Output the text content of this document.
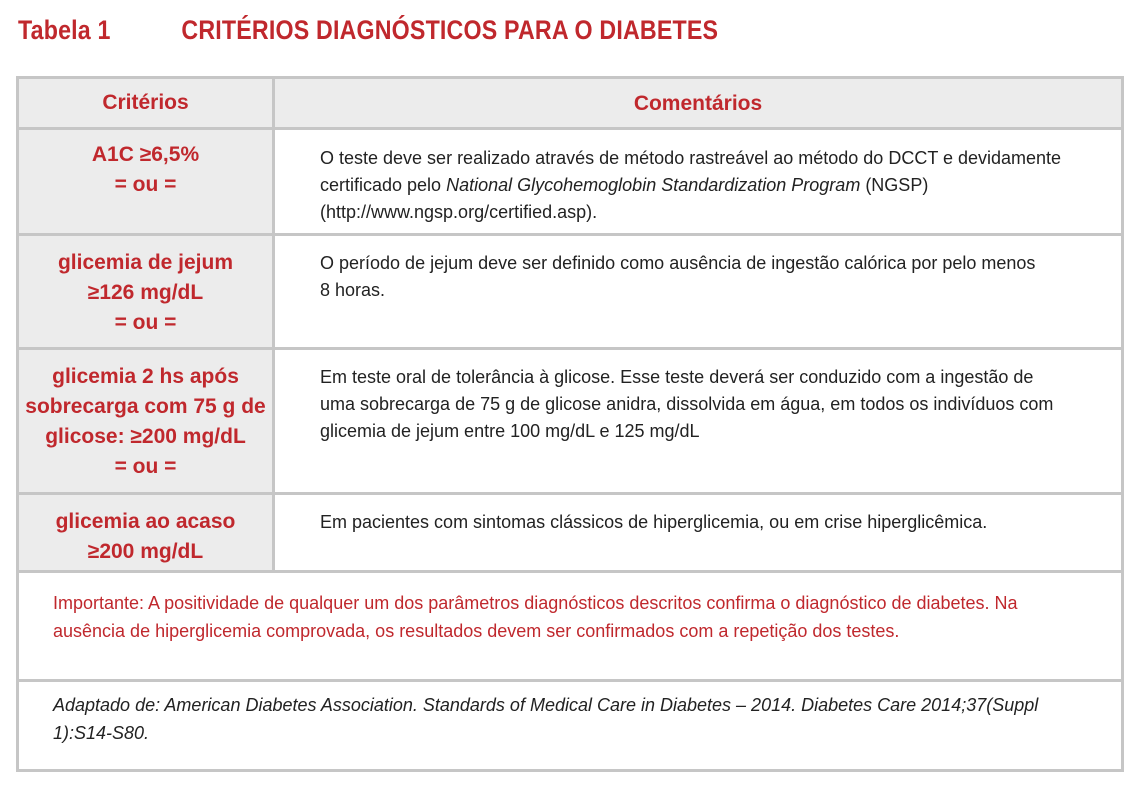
Tabela 1	CRITÉRIOS DIAGNÓSTICOS PARA O DIABETES
Critérios	Comentários
A1C ≥6,5%
= ou =

O teste deve ser realizado através de método rastreável ao método do DCCT e devidamente certificado pelo National Glycohemoglobin Standardization Program (NGSP) (http://www.ngsp.org/certified.asp).

glicemia de jejum
≥126 mg/dL
= ou =

O período de jejum deve ser definido como ausência de ingestão calórica por pelo menos 8 horas.

glicemia 2 hs após
sobrecarga com 75 g de
glicose: ≥200 mg/dL
= ou =

Em teste oral de tolerância à glicose. Esse teste deverá ser conduzido com a ingestão de uma sobrecarga de 75 g de glicose anidra, dissolvida em água, em todos os indivíduos com glicemia de jejum entre 100 mg/dL e 125 mg/dL

glicemia ao acaso
≥200 mg/dL

Em pacientes com sintomas clássicos de hiperglicemia, ou em crise hiperglicêmica.

Importante: A positividade de qualquer um dos parâmetros diagnósticos descritos confirma o diagnóstico de diabetes. Na ausência de hiperglicemia comprovada, os resultados devem ser confirmados com a repetição dos testes.

Adaptado de: American Diabetes Association. Standards of Medical Care in Diabetes – 2014. Diabetes Care 2014;37(Suppl 1):S14-S80.
